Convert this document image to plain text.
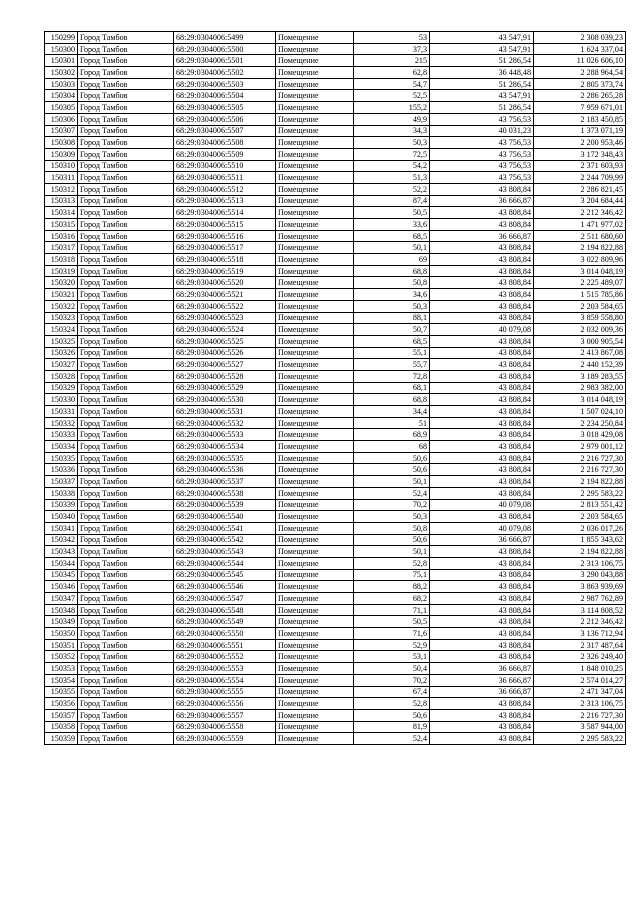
150299	Город Тамбов	68:29:0304006:5499	Помещение	53	43 547,91	2 308 039,23
150300	Город Тамбов	68:29:0304006:5500	Помещение	37,3	43 547,91	1 624 337,04
150301	Город Тамбов	68:29:0304006:5501	Помещение	215	51 286,54	11 026 606,10
150302	Город Тамбов	68:29:0304006:5502	Помещение	62,8	36 448,48	2 288 964,54
150303	Город Тамбов	68:29:0304006:5503	Помещение	54,7	51 286,54	2 805 373,74
150304	Город Тамбов	68:29:0304006:5504	Помещение	52,5	43 547,91	2 286 265,28
150305	Город Тамбов	68:29:0304006:5505	Помещение	155,2	51 286,54	7 959 671,01
150306	Город Тамбов	68:29:0304006:5506	Помещение	49,9	43 756,53	2 183 450,85
150307	Город Тамбов	68:29:0304006:5507	Помещение	34,3	40 031,23	1 373 071,19
150308	Город Тамбов	68:29:0304006:5508	Помещение	50,3	43 756,53	2 200 953,46
150309	Город Тамбов	68:29:0304006:5509	Помещение	72,5	43 756,53	3 172 348,43
150310	Город Тамбов	68:29:0304006:5510	Помещение	54,2	43 756,53	2 371 603,93
150311	Город Тамбов	68:29:0304006:5511	Помещение	51,3	43 756,53	2 244 709,99
150312	Город Тамбов	68:29:0304006:5512	Помещение	52,2	43 808,84	2 286 821,45
150313	Город Тамбов	68:29:0304006:5513	Помещение	87,4	36 666,87	3 204 684,44
150314	Город Тамбов	68:29:0304006:5514	Помещение	50,5	43 808,84	2 212 346,42
150315	Город Тамбов	68:29:0304006:5515	Помещение	33,6	43 808,84	1 471 977,02
150316	Город Тамбов	68:29:0304006:5516	Помещение	68,5	36 666,87	2 511 680,60
150317	Город Тамбов	68:29:0304006:5517	Помещение	50,1	43 808,84	2 194 822,88
150318	Город Тамбов	68:29:0304006:5518	Помещение	69	43 808,84	3 022 809,96
150319	Город Тамбов	68:29:0304006:5519	Помещение	68,8	43 808,84	3 014 048,19
150320	Город Тамбов	68:29:0304006:5520	Помещение	50,8	43 808,84	2 225 489,07
150321	Город Тамбов	68:29:0304006:5521	Помещение	34,6	43 808,84	1 515 785,86
150322	Город Тамбов	68:29:0304006:5522	Помещение	50,3	43 808,84	2 203 584,65
150323	Город Тамбов	68:29:0304006:5523	Помещение	88,1	43 808,84	3 859 558,80
150324	Город Тамбов	68:29:0304006:5524	Помещение	50,7	40 079,08	2 032 009,36
150325	Город Тамбов	68:29:0304006:5525	Помещение	68,5	43 808,84	3 000 905,54
150326	Город Тамбов	68:29:0304006:5526	Помещение	55,1	43 808,84	2 413 867,08
150327	Город Тамбов	68:29:0304006:5527	Помещение	55,7	43 808,84	2 440 152,39
150328	Город Тамбов	68:29:0304006:5528	Помещение	72,8	43 808,84	3 189 283,55
150329	Город Тамбов	68:29:0304006:5529	Помещение	68,1	43 808,84	2 983 382,00
150330	Город Тамбов	68:29:0304006:5530	Помещение	68,8	43 808,84	3 014 048,19
150331	Город Тамбов	68:29:0304006:5531	Помещение	34,4	43 808,84	1 507 024,10
150332	Город Тамбов	68:29:0304006:5532	Помещение	51	43 808,84	2 234 250,84
150333	Город Тамбов	68:29:0304006:5533	Помещение	68,9	43 808,84	3 018 429,08
150334	Город Тамбов	68:29:0304006:5534	Помещение	68	43 808,84	2 979 001,12
150335	Город Тамбов	68:29:0304006:5535	Помещение	50,6	43 808,84	2 216 727,30
150336	Город Тамбов	68:29:0304006:5536	Помещение	50,6	43 808,84	2 216 727,30
150337	Город Тамбов	68:29:0304006:5537	Помещение	50,1	43 808,84	2 194 822,88
150338	Город Тамбов	68:29:0304006:5538	Помещение	52,4	43 808,84	2 295 583,22
150339	Город Тамбов	68:29:0304006:5539	Помещение	70,2	40 079,08	2 813 551,42
150340	Город Тамбов	68:29:0304006:5540	Помещение	50,3	43 808,84	2 203 584,65
150341	Город Тамбов	68:29:0304006:5541	Помещение	50,8	40 079,08	2 036 017,26
150342	Город Тамбов	68:29:0304006:5542	Помещение	50,6	36 666,87	1 855 343,62
150343	Город Тамбов	68:29:0304006:5543	Помещение	50,1	43 808,84	2 194 822,88
150344	Город Тамбов	68:29:0304006:5544	Помещение	52,8	43 808,84	2 313 106,75
150345	Город Тамбов	68:29:0304006:5545	Помещение	75,1	43 808,84	3 290 043,88
150346	Город Тамбов	68:29:0304006:5546	Помещение	88,2	43 808,84	3 863 939,69
150347	Город Тамбов	68:29:0304006:5547	Помещение	68,2	43 808,84	2 987 762,89
150348	Город Тамбов	68:29:0304006:5548	Помещение	71,1	43 808,84	3 114 808,52
150349	Город Тамбов	68:29:0304006:5549	Помещение	50,5	43 808,84	2 212 346,42
150350	Город Тамбов	68:29:0304006:5550	Помещение	71,6	43 808,84	3 136 712,94
150351	Город Тамбов	68:29:0304006:5551	Помещение	52,9	43 808,84	2 317 487,64
150352	Город Тамбов	68:29:0304006:5552	Помещение	53,1	43 808,84	2 326 249,40
150353	Город Тамбов	68:29:0304006:5553	Помещение	50,4	36 666,87	1 848 010,25
150354	Город Тамбов	68:29:0304006:5554	Помещение	70,2	36 666,87	2 574 014,27
150355	Город Тамбов	68:29:0304006:5555	Помещение	67,4	36 666,87	2 471 347,04
150356	Город Тамбов	68:29:0304006:5556	Помещение	52,8	43 808,84	2 313 106,75
150357	Город Тамбов	68:29:0304006:5557	Помещение	50,6	43 808,84	2 216 727,30
150358	Город Тамбов	68:29:0304006:5558	Помещение	81,9	43 808,84	3 587 944,00
150359	Город Тамбов	68:29:0304006:5559	Помещение	52,4	43 808,84	2 295 583,22
